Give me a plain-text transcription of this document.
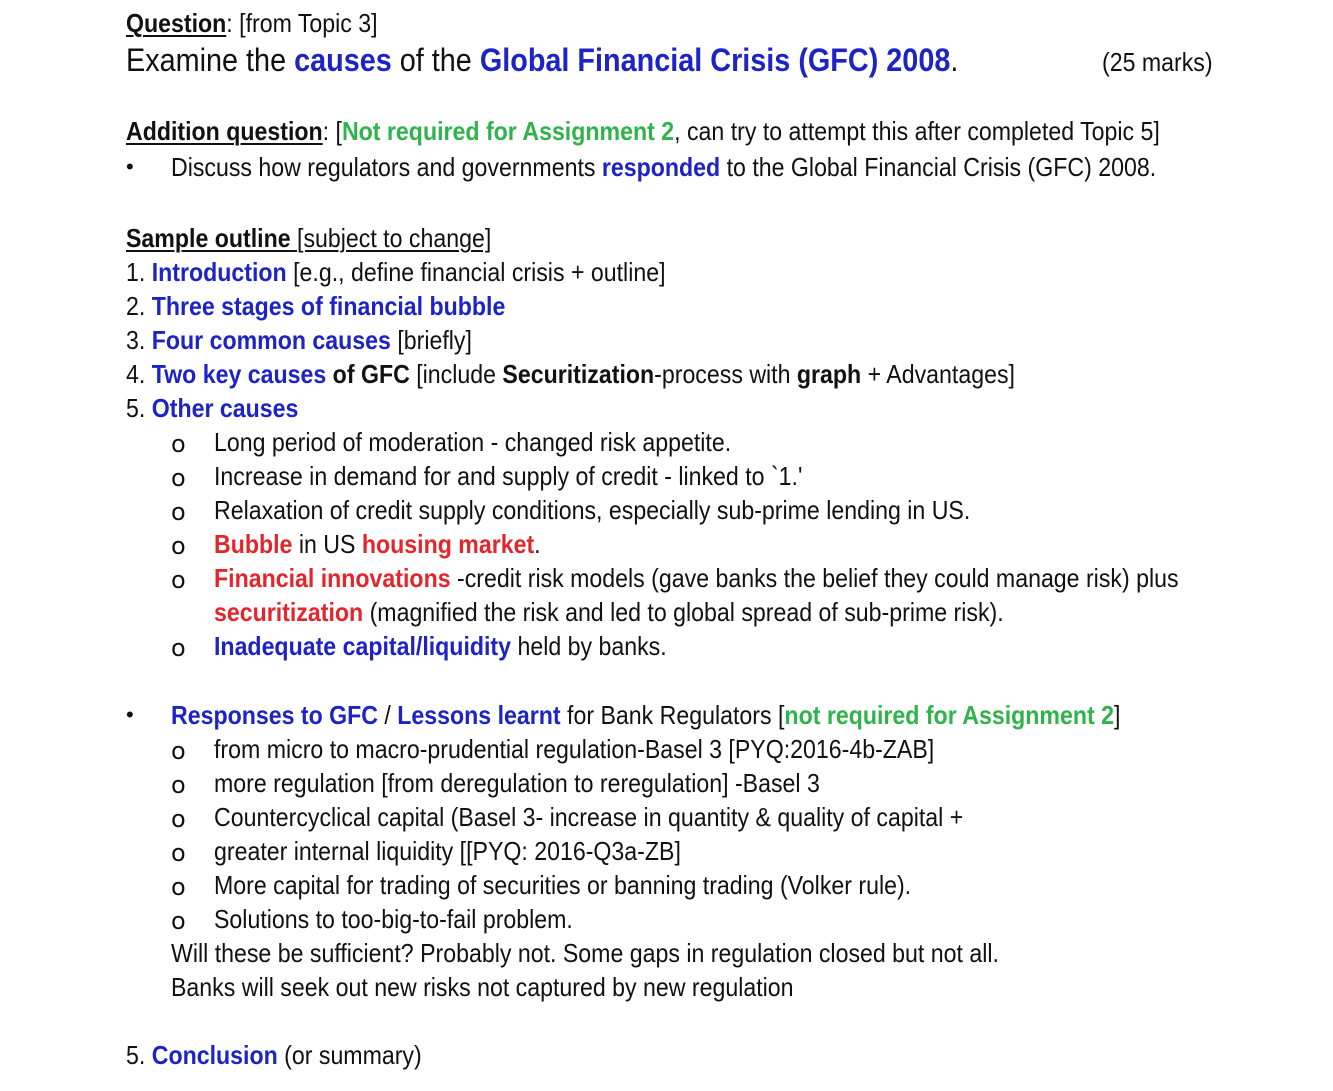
Question: [from Topic 3]
Examine the causes of the Global Financial Crisis (GFC) 2008.	(25 marks)
Addition question: [Not required for Assignment 2, can try to attempt this after completed Topic 5]
• Discuss how regulators and governments responded to the Global Financial Crisis (GFC) 2008.
Sample outline [subject to change]
1. Introduction [e.g., define financial crisis + outline]
2. Three stages of financial bubble
3. Four common causes [briefly]
4. Two key causes of GFC [include Securitization-process with graph + Advantages]
5. Other causes
o Long period of moderation - changed risk appetite.
o Increase in demand for and supply of credit - linked to `1.'
o Relaxation of credit supply conditions, especially sub-prime lending in US.
o Bubble in US housing market.
o Financial innovations -credit risk models (gave banks the belief they could manage risk) plus
securitization (magnified the risk and led to global spread of sub-prime risk).
o Inadequate capital/liquidity held by banks.
• Responses to GFC / Lessons learnt for Bank Regulators [not required for Assignment 2]
o from micro to macro-prudential regulation-Basel 3 [PYQ:2016-4b-ZAB]
o more regulation [from deregulation to reregulation] -Basel 3
o Countercyclical capital (Basel 3- increase in quantity & quality of capital +
o greater internal liquidity [[PYQ: 2016-Q3a-ZB]
o More capital for trading of securities or banning trading (Volker rule).
o Solutions to too-big-to-fail problem.
Will these be sufficient? Probably not. Some gaps in regulation closed but not all.
Banks will seek out new risks not captured by new regulation
5. Conclusion (or summary)
